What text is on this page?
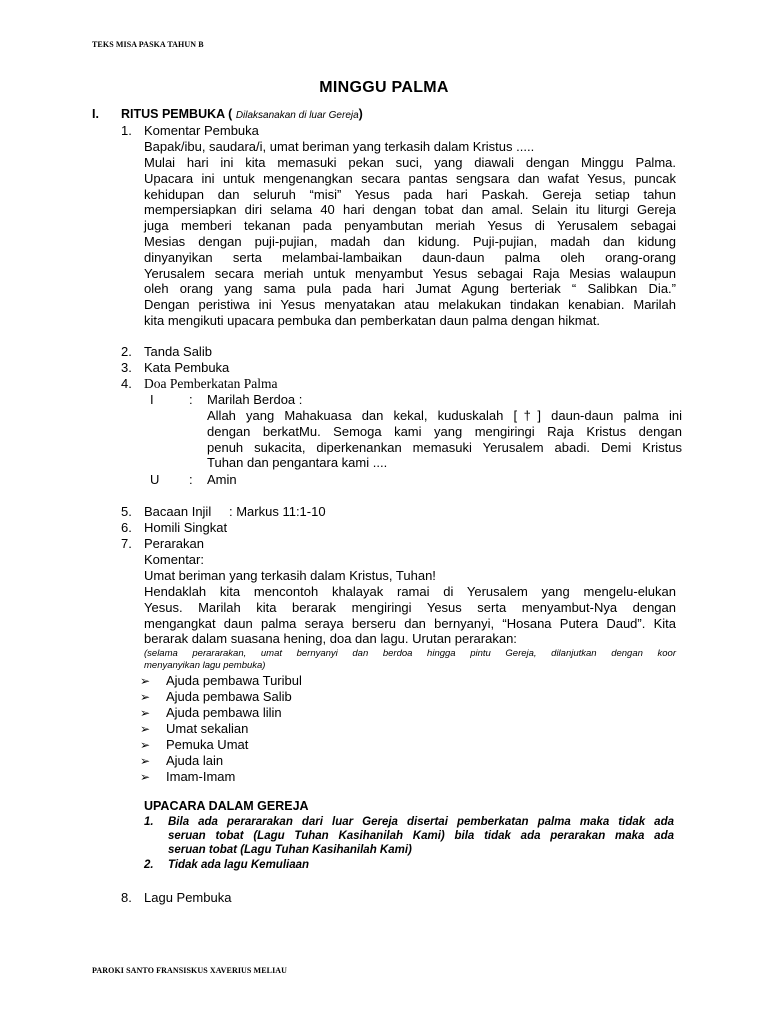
TEKS MISA PASKA TAHUN B
MINGGU PALMA
I. RITUS PEMBUKA ( Dilaksanakan di luar Gereja)
1. Komentar Pembuka
Bapak/ibu, saudara/i, umat beriman yang terkasih dalam Kristus .....
Mulai hari ini kita memasuki pekan suci, yang diawali dengan Minggu Palma.
Upacara ini untuk mengenangkan secara pantas sengsara dan wafat Yesus, puncak
kehidupan dan seluruh “misi” Yesus pada hari Paskah. Gereja setiap tahun
mempersiapkan diri selama 40 hari dengan tobat dan amal. Selain itu liturgi Gereja
juga memberi tekanan pada penyambutan meriah Yesus di Yerusalem sebagai
Mesias dengan puji-pujian, madah dan kidung. Puji-pujian, madah dan kidung
dinyanyikan serta melambai-lambaikan daun-daun palma oleh orang-orang
Yerusalem secara meriah untuk menyambut Yesus sebagai Raja Mesias walaupun
oleh orang yang sama pula pada hari Jumat Agung berteriak “ Salibkan Dia.”
Dengan peristiwa ini Yesus menyatakan atau melakukan tindakan kenabian. Marilah
kita mengikuti upacara pembuka dan pemberkatan daun palma dengan hikmat.
2. Tanda Salib
3. Kata Pembuka
4. Doa Pemberkatan Palma
I	: Marilah Berdoa :
Allah yang Mahakuasa dan kekal, kuduskalah [†] daun-daun palma ini
dengan berkatMu. Semoga kami yang mengiringi Raja Kristus dengan
penuh sukacita, diperkenankan memasuki Yerusalem abadi. Demi Kristus
Tuhan dan pengantara kami ....
U : Amin
5. Bacaan Injil : Markus 11:1-10
6. Homili Singkat
7. Perarakan
Komentar:
Umat beriman yang terkasih dalam Kristus, Tuhan!
Hendaklah kita mencontoh khalayak ramai di Yerusalem yang mengelu-elukan
Yesus. Marilah kita berarak mengiringi Yesus serta menyambut-Nya dengan
mengangkat daun palma seraya berseru dan bernyanyi, “Hosana Putera Daud”. Kita
berarak dalam suasana hening, doa dan lagu. Urutan perarakan:
(selama perararakan, umat bernyanyi dan berdoa hingga pintu Gereja, dilanjutkan dengan koor
menyanyikan lagu pembuka)
➢ Ajuda pembawa Turibul
➢ Ajuda pembawa Salib
➢ Ajuda pembawa lilin
➢ Umat sekalian
➢ Pemuka Umat
➢ Ajuda lain
➢ Imam-Imam
UPACARA DALAM GEREJA
1. Bila ada perararakan dari luar Gereja disertai pemberkatan palma maka tidak ada
seruan tobat (Lagu Tuhan Kasihanilah Kami) bila tidak ada perarakan maka ada
seruan tobat (Lagu Tuhan Kasihanilah Kami)
2. Tidak ada lagu Kemuliaan
8. Lagu Pembuka
PAROKI SANTO FRANSISKUS XAVERIUS MELIAU
